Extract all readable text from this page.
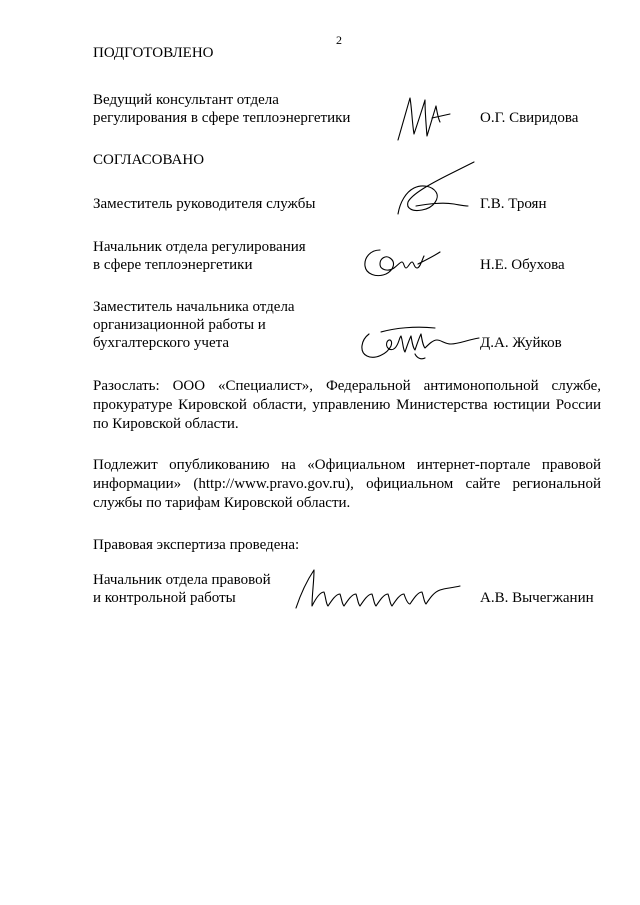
2
ПОДГОТОВЛЕНО
Ведущий консультант отдела
регулирования в сфере теплоэнергетики	О.Г. Свиридова
СОГЛАСОВАНО
Заместитель руководителя службы	Г.В. Троян
Начальник отдела регулирования
в сфере теплоэнергетики	Н.Е. Обухова
Заместитель начальника отдела
организационной работы и
бухгалтерского учета	Д.А. Жуйков
Разослать: ООО «Специалист», Федеральной антимонопольной службе, прокуратуре Кировской области, управлению Министерства юстиции России по Кировской области.
Подлежит опубликованию на «Официальном интернет-портале правовой информации» (http://www.pravo.gov.ru), официальном сайте региональной службы по тарифам Кировской области.
Правовая экспертиза проведена:
Начальник отдела правовой
и контрольной работы	А.В. Вычегжанин
